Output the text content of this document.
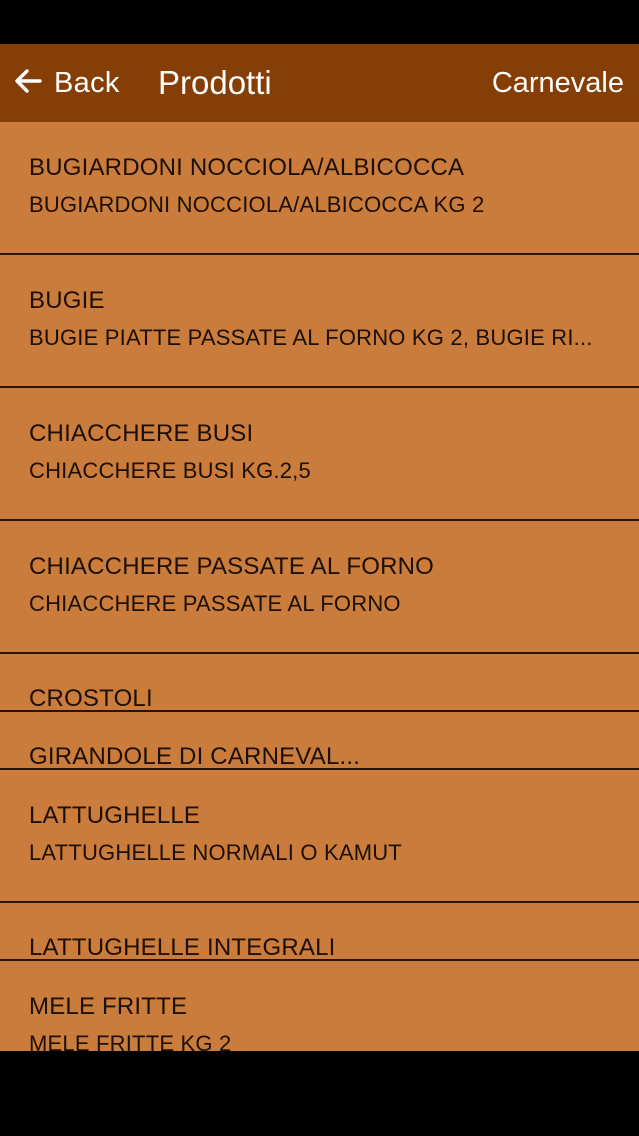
Back Prodotti	Carnevale
BUGIARDONI NOCCIOLA/ALBICOCCA
BUGIARDONI NOCCIOLA/ALBICOCCA KG 2
BUGIE
BUGIE PIATTE PASSATE AL FORNO KG 2, BUGIE RI...
CHIACCHERE BUSI
CHIACCHERE BUSI KG.2,5
CHIACCHERE PASSATE AL FORNO
CHIACCHERE PASSATE AL FORNO
CROSTOLI
GIRANDOLE DI CARNEVAL...
LATTUGHELLE
LATTUGHELLE NORMALI O KAMUT
LATTUGHELLE INTEGRALI
MELE FRITTE
MELE FRITTE KG 2
